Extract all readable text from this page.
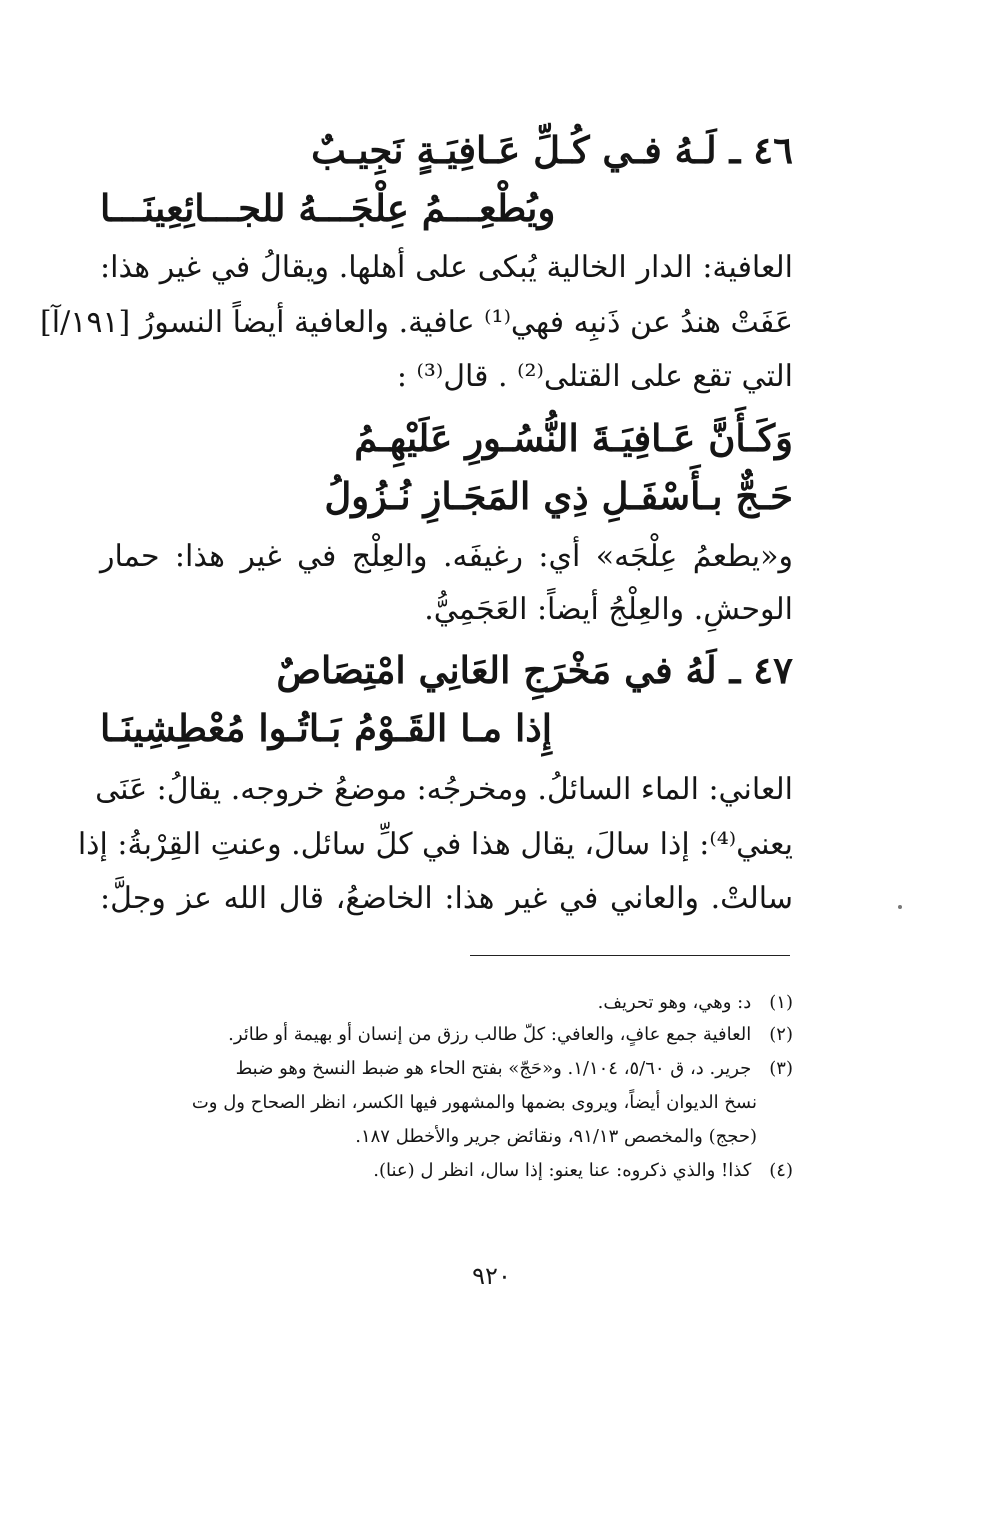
٤٦ ـ لَـهُ فـي كُـلِّ عَـافِيَـةٍ نَجِيـبٌ
ويُطْعِـــمُ عِلْجَـــهُ للجـــائِعِينَـــا
العافية: الدار الخالية يُبكى على أهلها. ويقالُ في غير هذا:
عَفَتْ هندُ عن ذَنبِه فهي⁽¹⁾ عافية. والعافية أيضاً النسورُ [١٩١/آ]
التي تقع على القتلى⁽²⁾ . قال⁽³⁾ :
وَكَـأَنَّ عَـافِيَـةَ النُّسُـورِ عَلَيْهِـمُ
حَـجٌّ بـأَسْفَـلِ ذِي المَجَـازِ نُـزُولُ
و«يطعمُ عِلْجَه» أي: رغيفَه. والعِلْج في غير هذا: حمار
الوحشِ. والعِلْجُ أيضاً: العَجَمِيُّ.
٤٧ ـ لَهُ في مَخْرَجِ العَانِي امْتِصَاصٌ
إِذا مـا القَـوْمُ بَـاتُـوا مُعْطِشِينَـا
العاني: الماء السائلُ. ومخرجُه: موضعُ خروجه. يقالُ: عَنَى
يعني⁽⁴⁾: إذا سالَ، يقال هذا في كلِّ سائل. وعنتِ القِرْبةُ: إذا
سالتْ. والعاني في غير هذا: الخاضعُ، قال الله عز وجلَّ:
(١) د: وهي، وهو تحريف.
(٢) العافية جمع عافٍ، والعافي: كلّ طالب رزق من إنسان أو بهيمة أو طائر.
(٣) جرير. د، ق ٥/٦٠، ١/١٠٤. و«حَجّ» بفتح الحاء هو ضبط النسخ وهو ضبط
نسخ الديوان أيضاً، ويروى بضمها والمشهور فيها الكسر، انظر الصحاح ول وت
(حجج) والمخصص ٩١/١٣، ونقائض جرير والأخطل ١٨٧.
(٤) كذا! والذي ذكروه: عنا يعنو: إذا سال، انظر ل (عنا).
٩٢٠
